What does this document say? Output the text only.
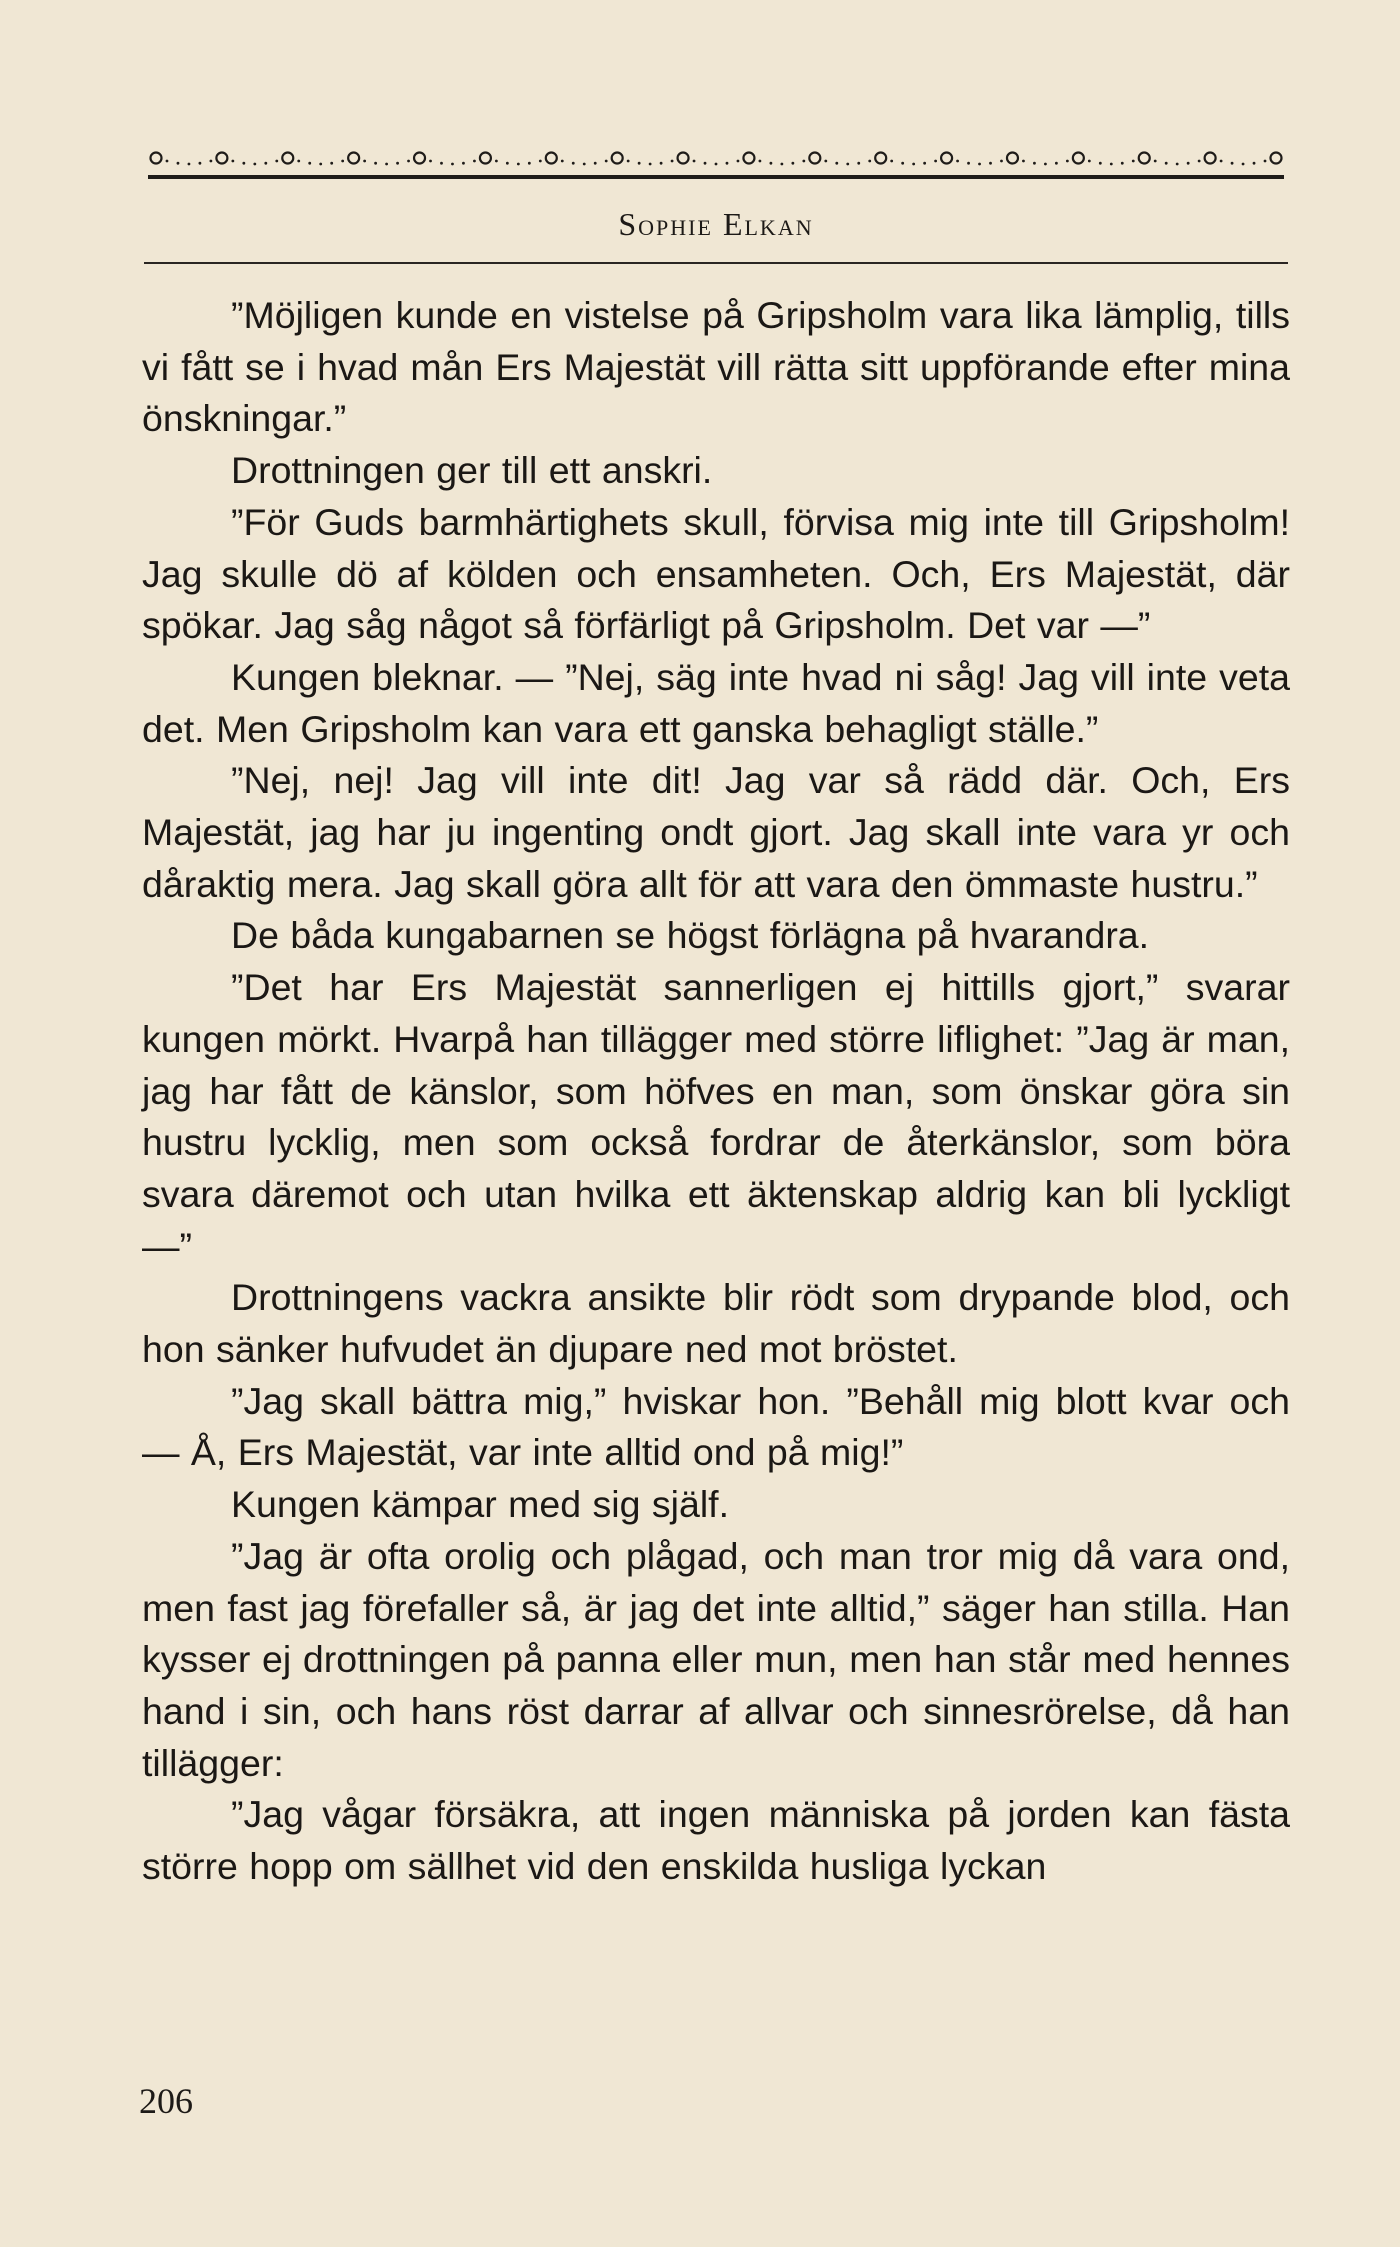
Sophie Elkan

”Möjligen kunde en vistelse på Gripsholm vara lika lämplig, tills vi fått se i hvad mån Ers Majestät vill rätta sitt uppförande efter mina önskningar.”

Drottningen ger till ett anskri.

”För Guds barmhärtighets skull, förvisa mig inte till Gripsholm! Jag skulle dö af kölden och ensamheten. Och, Ers Majestät, där spökar. Jag såg något så förfärligt på Gripsholm. Det var —”

Kungen bleknar. — ”Nej, säg inte hvad ni såg! Jag vill inte veta det. Men Gripsholm kan vara ett ganska behagligt ställe.”

”Nej, nej! Jag vill inte dit! Jag var så rädd där. Och, Ers Majestät, jag har ju ingenting ondt gjort. Jag skall inte vara yr och dåraktig mera. Jag skall göra allt för att vara den ömmaste hustru.”

De båda kungabarnen se högst förlägna på hvarandra.

”Det har Ers Majestät sannerligen ej hittills gjort,” svarar kungen mörkt. Hvarpå han tillägger med större liflighet: ”Jag är man, jag har fått de känslor, som höfves en man, som önskar göra sin hustru lycklig, men som också fordrar de återkänslor, som böra svara däremot och utan hvilka ett äktenskap aldrig kan bli lyckligt —”

Drottningens vackra ansikte blir rödt som drypande blod, och hon sänker hufvudet än djupare ned mot bröstet.

”Jag skall bättra mig,” hviskar hon. ”Behåll mig blott kvar och — Å, Ers Majestät, var inte alltid ond på mig!”

Kungen kämpar med sig själf.

”Jag är ofta orolig och plågad, och man tror mig då vara ond, men fast jag förefaller så, är jag det inte alltid,” säger han stilla. Han kysser ej drottningen på panna eller mun, men han står med hennes hand i sin, och hans röst darrar af allvar och sinnesrörelse, då han tillägger:

”Jag vågar försäkra, att ingen människa på jorden kan fästa större hopp om sällhet vid den enskilda husliga lyckan

206
